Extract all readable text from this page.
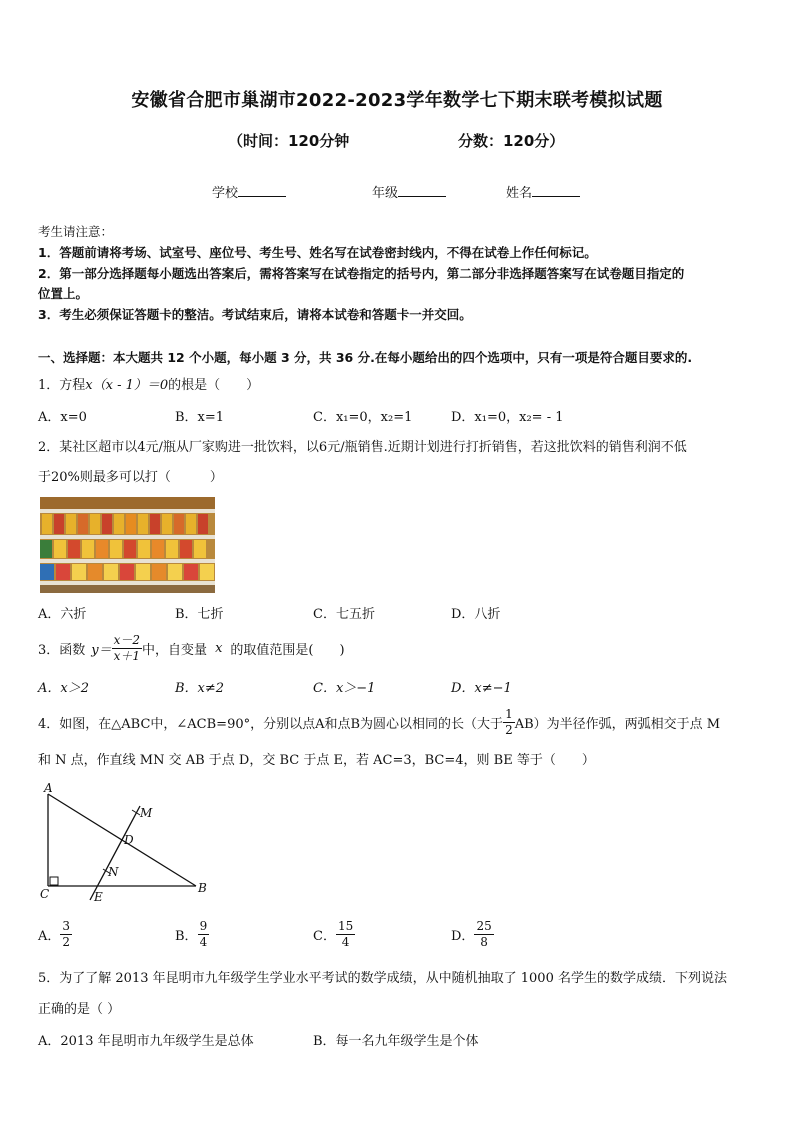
安徽省合肥市巢湖市2022-2023学年数学七下期末联考模拟试题
（时间：120分钟	分数：120分）
学校	年级	姓名
考生请注意：
1．答题前请将考场、试室号、座位号、考生号、姓名写在试卷密封线内，不得在试卷上作任何标记。
2．第一部分选择题每小题选出答案后，需将答案写在试卷指定的括号内，第二部分非选择题答案写在试卷题目指定的
位置上。
3．考生必须保证答题卡的整洁。考试结束后，请将本试卷和答题卡一并交回。
一、选择题：本大题共 12 个小题，每小题 3 分，共 36 分.在每小题给出的四个选项中，只有一项是符合题目要求的.
1．方程x（x - 1）＝0的根是（　　）
A．x=0	B．x=1	C．x₁=0，x₂=1	D．x₁=0，x₂= - 1
2．某社区超市以4元/瓶从厂家购进一批饮料，以6元/瓶销售.近期计划进行打折销售，若这批饮料的销售利润不低
于20%则最多可以打（　　　）
A．六折	B．七折	C．七五折	D．八折
3．函数 $y= \frac{x-2}{x+1}$ 中，自变量 x 的取值范围是(　　)
A．x＞2	B．x≠2	C．x＞−1	D．x≠−1
4．如图，在△ABC中，∠ACB=90°，分别以点A和点B为圆心以相同的长（大于 $\frac{1}{2} AB$）为半径作弧，两弧相交于点 M
和 N 点，作直线 MN 交 AB 于点 D，交 BC 于点 E，若 AC=3，BC=4，则 BE 等于（　　）
A
M
D
N
C	E
B
A． $\frac{3}{2}$	B． $\frac{9}{4}$	C． $\frac{15}{4}$	D． $\frac{25}{8}$
5．为了了解 2013 年昆明市九年级学生学业水平考试的数学成绩，从中随机抽取了 1000 名学生的数学成绩．下列说法
正确的是（ ）
A．2013 年昆明市九年级学生是总体	B．每一名九年级学生是个体
